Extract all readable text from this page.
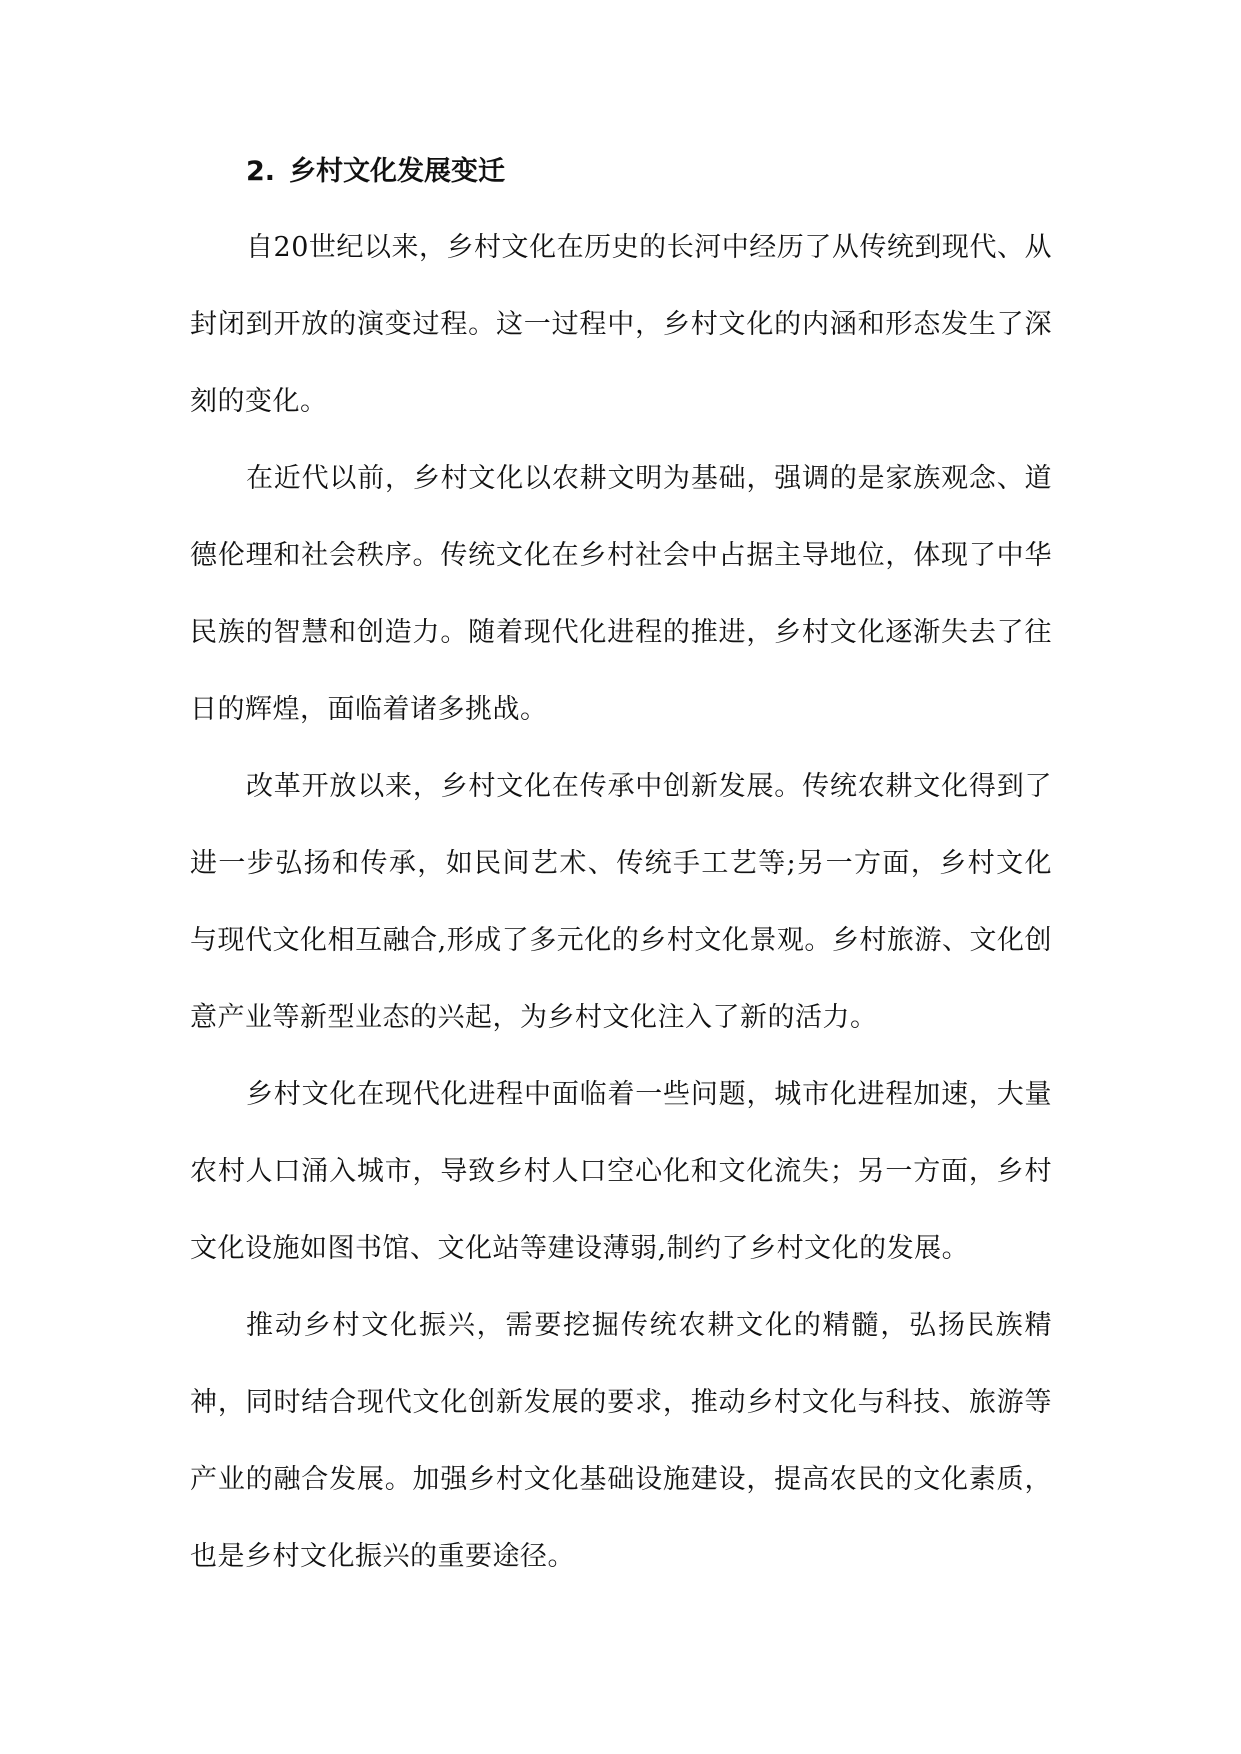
2. 乡村文化发展变迁

自20世纪以来，乡村文化在历史的长河中经历了从传统到现代、从封闭到开放的演变过程。这一过程中，乡村文化的内涵和形态发生了深刻的变化。

在近代以前，乡村文化以农耕文明为基础，强调的是家族观念、道德伦理和社会秩序。传统文化在乡村社会中占据主导地位，体现了中华民族的智慧和创造力。随着现代化进程的推进，乡村文化逐渐失去了往日的辉煌，面临着诸多挑战。

改革开放以来，乡村文化在传承中创新发展。传统农耕文化得到了进一步弘扬和传承，如民间艺术、传统手工艺等;另一方面，乡村文化与现代文化相互融合,形成了多元化的乡村文化景观。乡村旅游、文化创意产业等新型业态的兴起，为乡村文化注入了新的活力。

乡村文化在现代化进程中面临着一些问题，城市化进程加速，大量农村人口涌入城市，导致乡村人口空心化和文化流失；另一方面，乡村文化设施如图书馆、文化站等建设薄弱,制约了乡村文化的发展。

推动乡村文化振兴，需要挖掘传统农耕文化的精髓，弘扬民族精神，同时结合现代文化创新发展的要求，推动乡村文化与科技、旅游等产业的融合发展。加强乡村文化基础设施建设，提高农民的文化素质，也是乡村文化振兴的重要途径。
